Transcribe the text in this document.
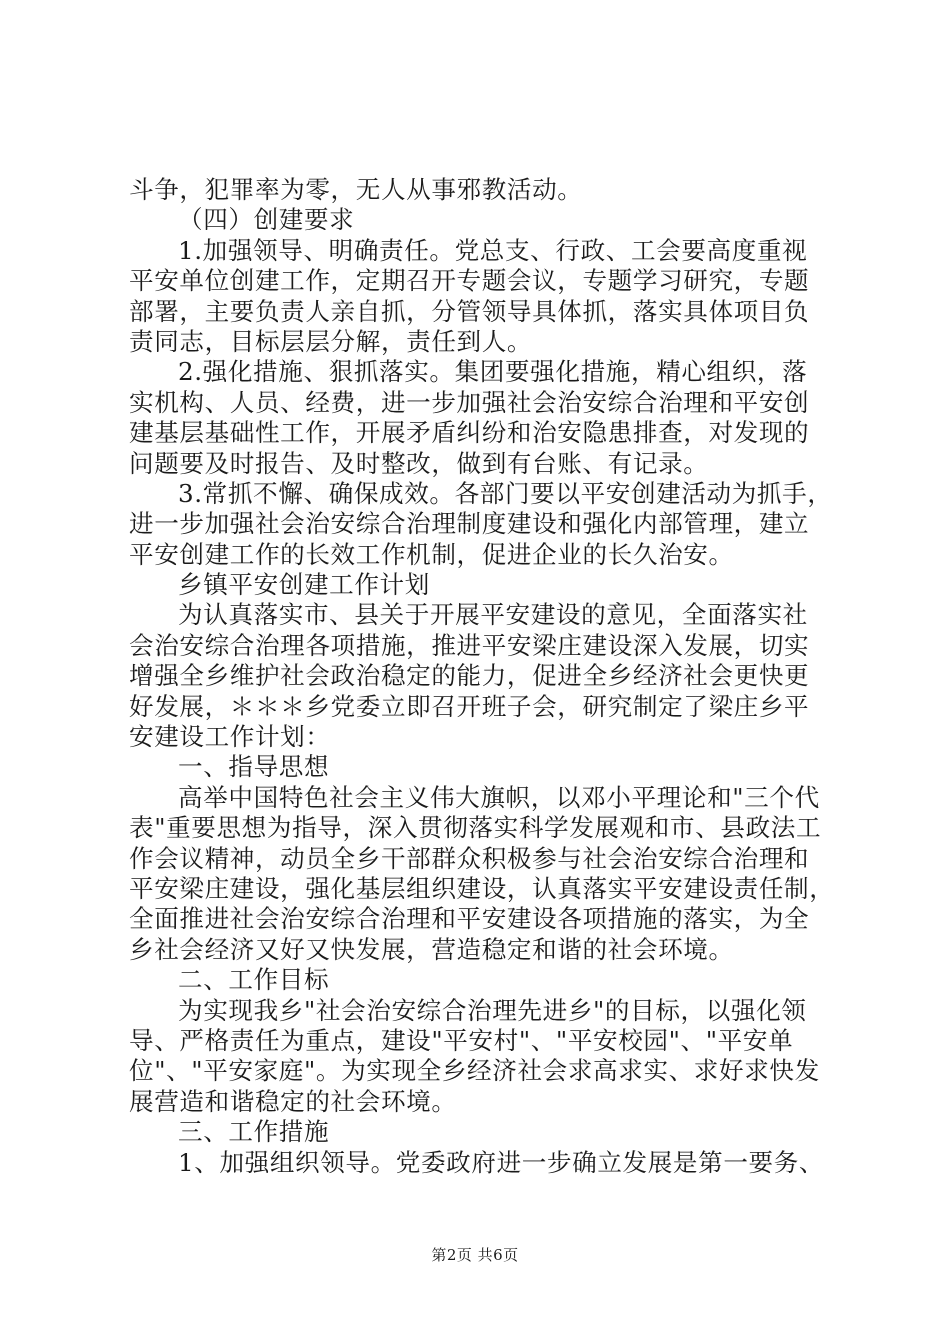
斗争，犯罪率为零，无人从事邪教活动。
（四）创建要求
1.加强领导、明确责任。党总支、行政、工会要高度重视
平安单位创建工作，定期召开专题会议，专题学习研究，专题
部署，主要负责人亲自抓，分管领导具体抓，落实具体项目负
责同志，目标层层分解，责任到人。
2.强化措施、狠抓落实。集团要强化措施，精心组织，落
实机构、人员、经费，进一步加强社会治安综合治理和平安创
建基层基础性工作，开展矛盾纠纷和治安隐患排查，对发现的
问题要及时报告、及时整改，做到有台账、有记录。
3.常抓不懈、确保成效。各部门要以平安创建活动为抓手，
进一步加强社会治安综合治理制度建设和强化内部管理，建立
平安创建工作的长效工作机制，促进企业的长久治安。
乡镇平安创建工作计划
为认真落实市、县关于开展平安建设的意见，全面落实社
会治安综合治理各项措施，推进平安梁庄建设深入发展，切实
增强全乡维护社会政治稳定的能力，促进全乡经济社会更快更
好发展，＊＊＊乡党委立即召开班子会，研究制定了梁庄乡平
安建设工作计划：
一、指导思想
高举中国特色社会主义伟大旗帜，以邓小平理论和"三个代
表"重要思想为指导，深入贯彻落实科学发展观和市、县政法工
作会议精神，动员全乡干部群众积极参与社会治安综合治理和
平安梁庄建设，强化基层组织建设，认真落实平安建设责任制，
全面推进社会治安综合治理和平安建设各项措施的落实，为全
乡社会经济又好又快发展，营造稳定和谐的社会环境。
二、工作目标
为实现我乡"社会治安综合治理先进乡"的目标，以强化领
导、严格责任为重点，建设"平安村"、"平安校园"、"平安单
位"、"平安家庭"。为实现全乡经济社会求高求实、求好求快发
展营造和谐稳定的社会环境。
三、工作措施
1、加强组织领导。党委政府进一步确立发展是第一要务、
第2页 共6页
